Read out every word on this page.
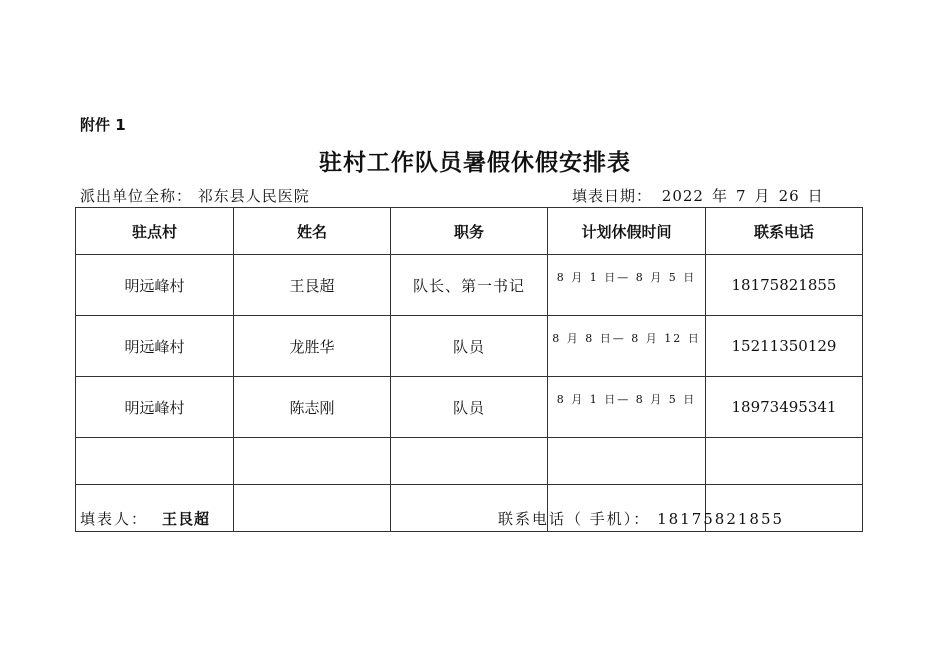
附件 1
驻村工作队员暑假休假安排表
派出单位全称： 祁东县人民医院	填表日期： 2022 年 7 月 26 日
驻点村	姓名	职务	计划休假时间	联系电话
明远峰村	王艮超	队长、第一书记	8 月 1 日— 8 月 5 日	18175821855
明远峰村	龙胜华	队员	8 月 8 日— 8 月 12 日	15211350129
明远峰村	陈志刚	队员	8 月 1 日— 8 月 5 日	18973495341

填表人： 王艮超	联系电话（ 手机）： 18175821855
